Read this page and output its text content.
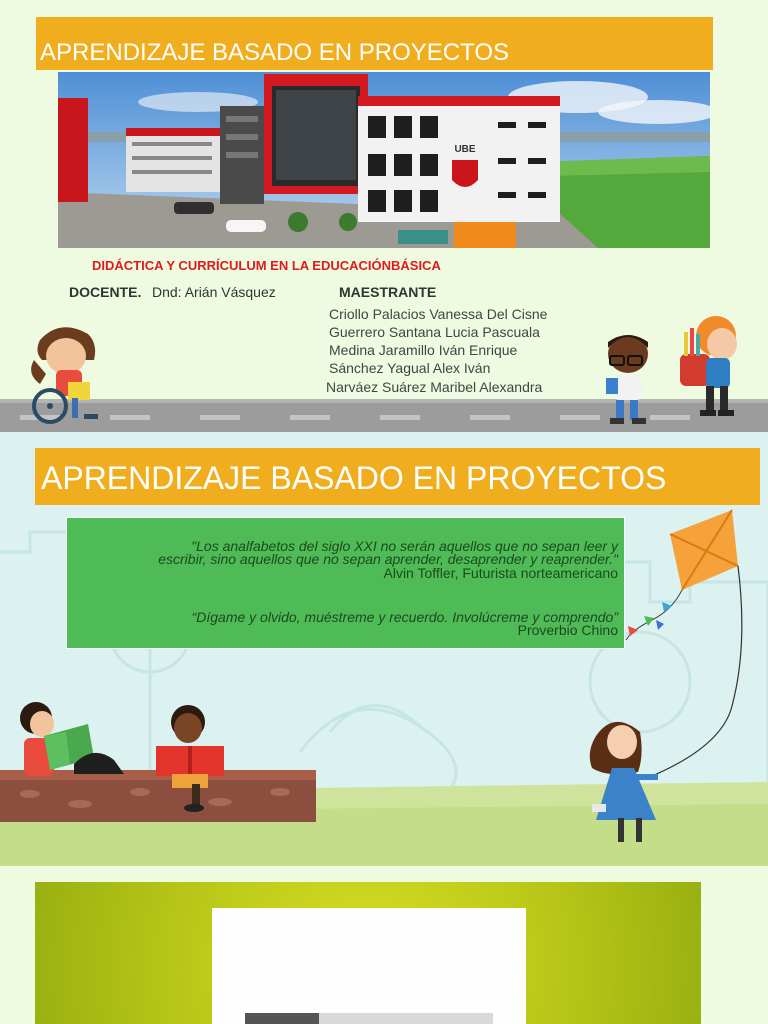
APRENDIZAJE BASADO EN PROYECTOS
UBE
DIDÁCTICA Y CURRÍCULUM EN LA EDUCACIÓNBÁSICA
DOCENTE. Dnd: Arián Vásquez	MAESTRANTE
Criollo Palacios Vanessa Del Cisne
Guerrero Santana Lucia Pascuala
Medina Jaramillo Iván Enrique
Sánchez Yagual Alex Iván
Narváez Suárez Maribel Alexandra
APRENDIZAJE BASADO EN PROYECTOS
"Los analfabetos del siglo XXI no serán aquellos que no sepan leer y
escribir, sino aquellos que no sepan aprender, desaprender y reaprender."
Alvin Toffler, Futurista norteamericano
“Dígame y olvido, muéstreme y recuerdo. Involúcreme y comprendo”
Proverbio Chino
